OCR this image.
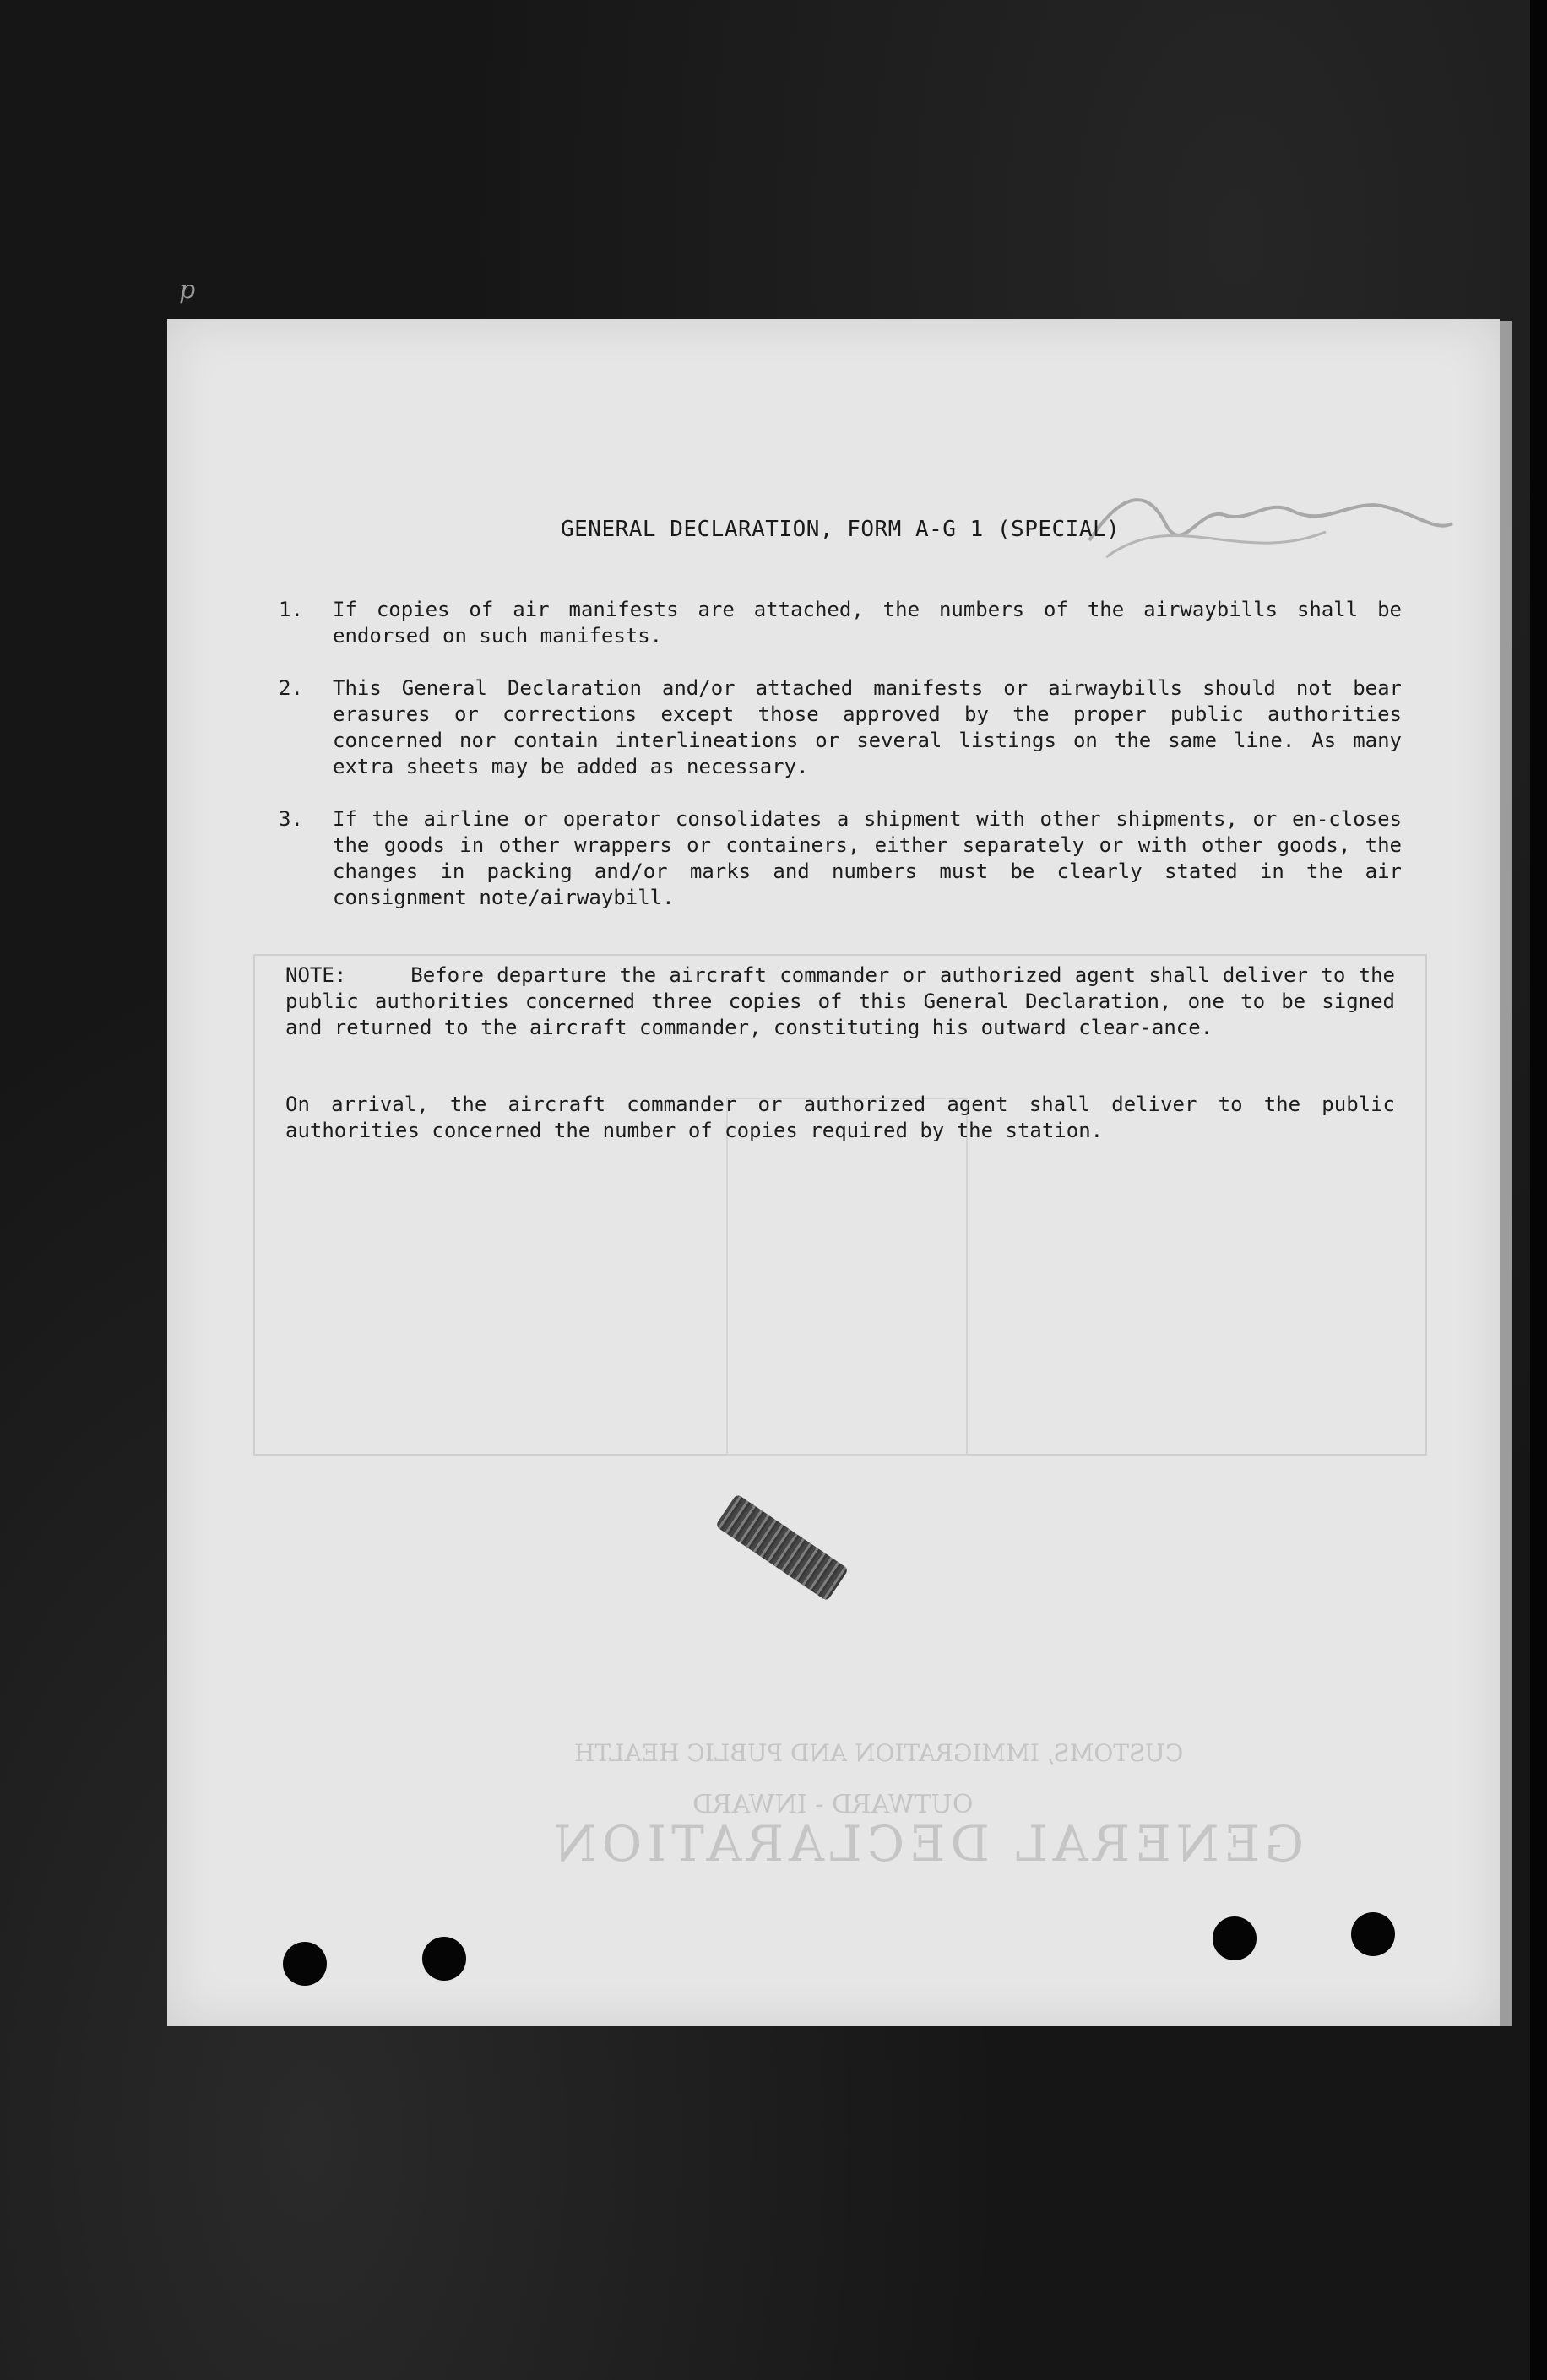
p
GENERAL DECLARATION
OUTWARD - INWARD
CUSTOMS, IMMIGRATION AND PUBLIC HEALTH
GENERAL DECLARATION, FORM A-G 1 (SPECIAL)
1. If copies of air manifests are attached, the numbers of the airwaybills shall be endorsed on such manifests.
2. This General Declaration and/or attached manifests or airwaybills should not bear erasures or corrections except those approved by the proper public authorities concerned nor contain interlineations or several listings on the same line. As many extra sheets may be added as necessary.
3. If the airline or operator consolidates a shipment with other shipments, or en-closes the goods in other wrappers or containers, either separately or with other goods, the changes in packing and/or marks and numbers must be clearly stated in the air consignment note/airwaybill.
NOTE:	Before departure the aircraft commander or authorized agent shall deliver to the public authorities concerned three copies of this General Declaration, one to be signed and returned to the aircraft commander, constituting his outward clear-ance.
On arrival, the aircraft commander or authorized agent shall deliver to the public authorities concerned the number of copies required by the station.
